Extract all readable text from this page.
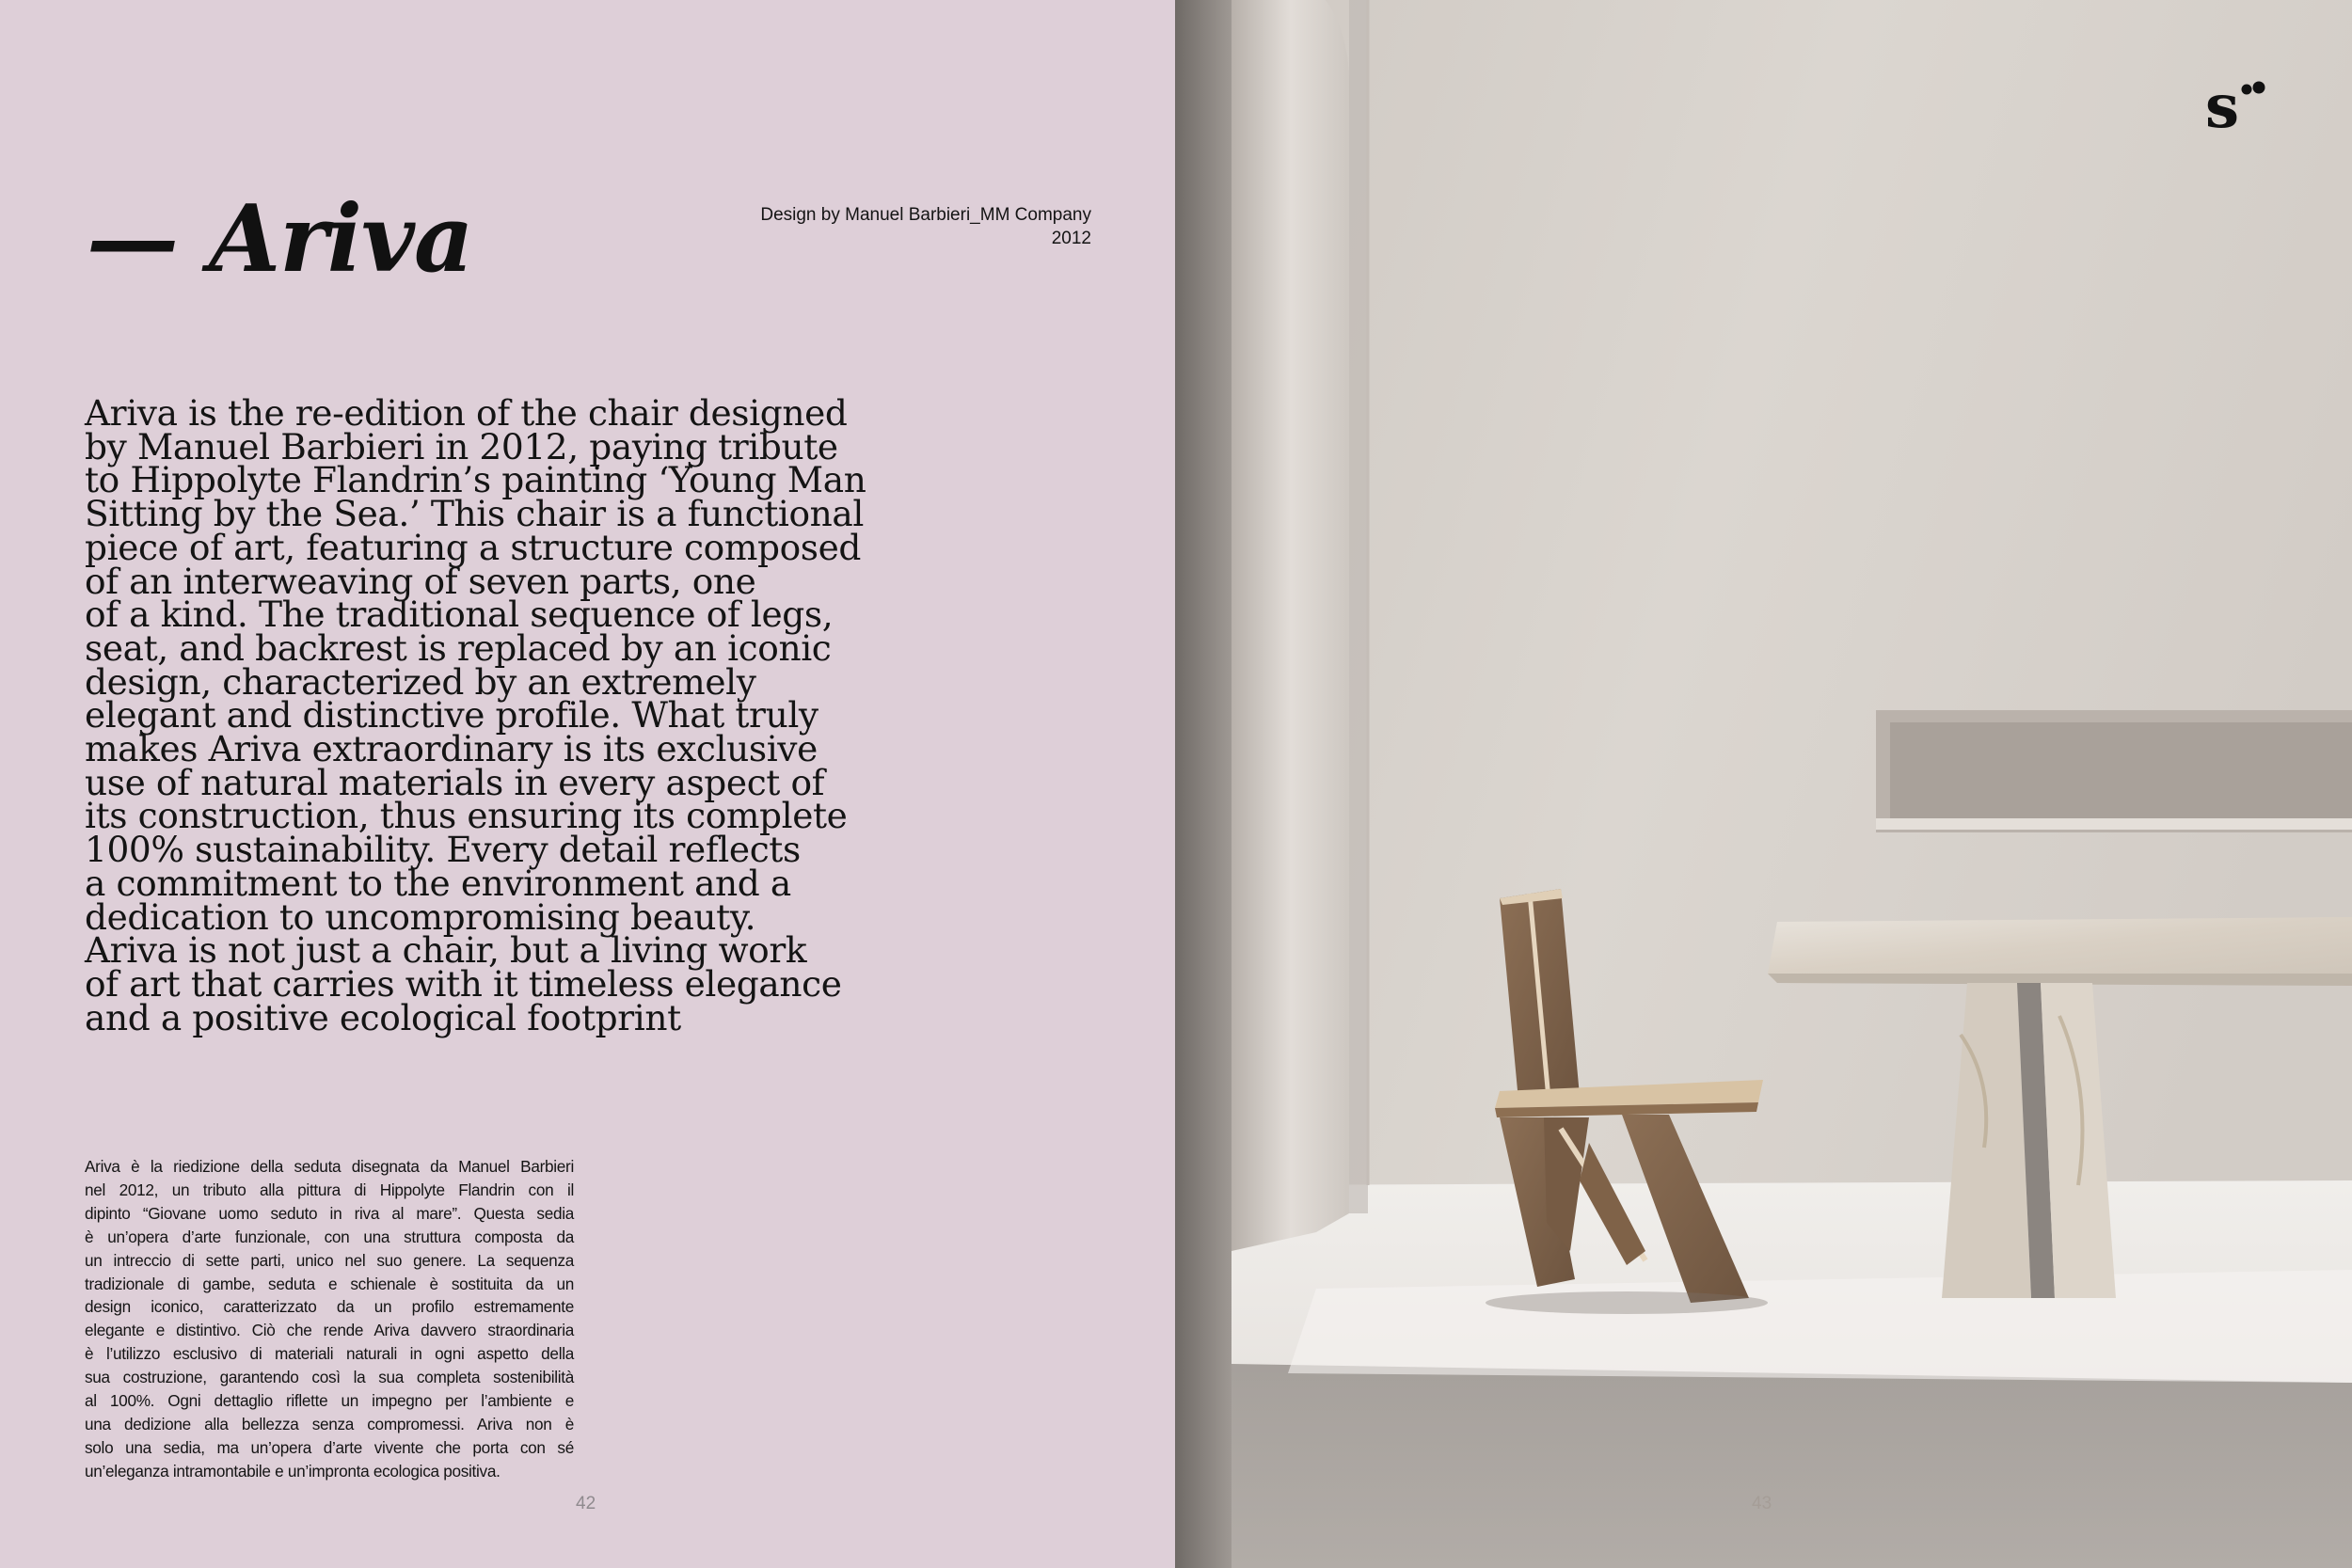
— Ariva	Design by Manuel Barbieri_MM Company
2012
Ariva is the re-edition of the chair designed
by Manuel Barbieri in 2012, paying tribute
to Hippolyte Flandrin’s painting ‘Young Man
Sitting by the Sea.’ This chair is a functional
piece of art, featuring a structure composed
of an interweaving of seven parts, one
of a kind. The traditional sequence of legs,
seat, and backrest is replaced by an iconic
design, characterized by an extremely
elegant and distinctive profile. What truly
makes Ariva extraordinary is its exclusive
use of natural materials in every aspect of
its construction, thus ensuring its complete
100% sustainability. Every detail reflects
a commitment to the environment and a
dedication to uncompromising beauty.
Ariva is not just a chair, but a living work
of art that carries with it timeless elegance
and a positive ecological footprint
Ariva è la riedizione della seduta disegnata da Manuel Barbieri
nel 2012, un tributo alla pittura di Hippolyte Flandrin con il
dipinto “Giovane uomo seduto in riva al mare”. Questa sedia
è un’opera d’arte funzionale, con una struttura composta da
un intreccio di sette parti, unico nel suo genere. La sequenza
tradizionale di gambe, seduta e schienale è sostituita da un
design iconico, caratterizzato da un profilo estremamente
elegante e distintivo. Ciò che rende Ariva davvero straordinaria
è l’utilizzo esclusivo di materiali naturali in ogni aspetto della
sua costruzione, garantendo così la sua completa sostenibilità
al 100%. Ogni dettaglio riflette un impegno per l’ambiente e
una dedizione alla bellezza senza compromessi. Ariva non è
solo una sedia, ma un’opera d’arte vivente che porta con sé
un’eleganza intramontabile e un’impronta ecologica positiva.
42	43
s
